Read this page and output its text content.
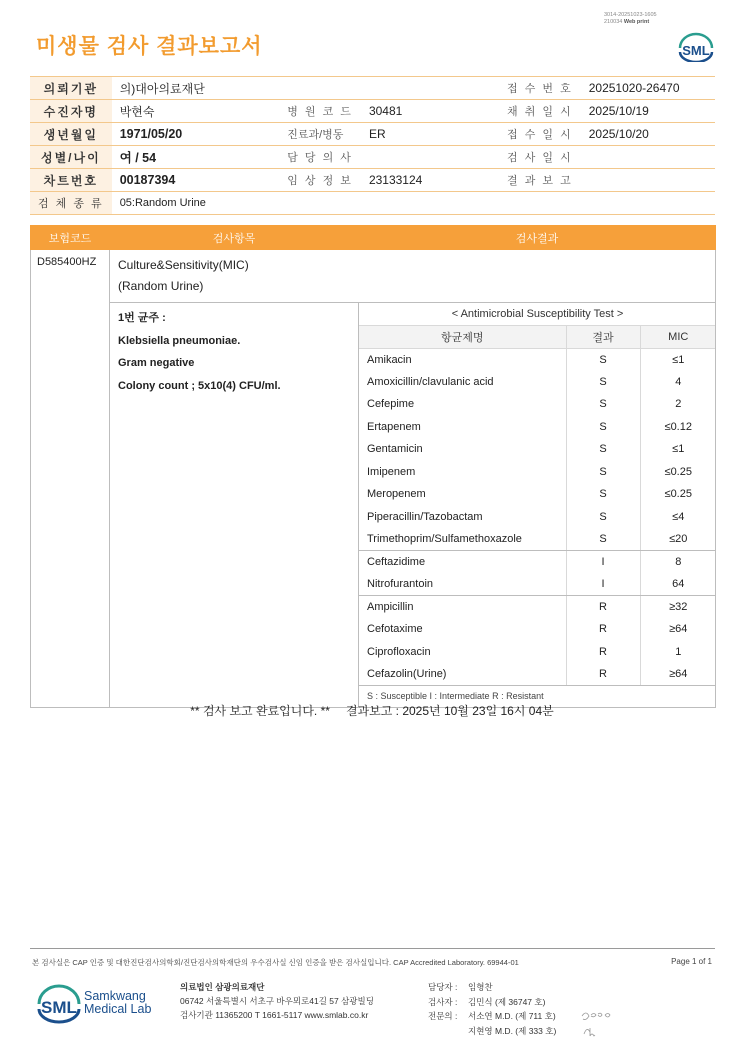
3014-20251023-1605
210034 Web print
SML
미생물 검사 결과보고서
의뢰기관	의)대아의료재단			접 수 번 호	20251020-26470
수진자명	박현숙	병 원 코 드	30481	채 취 일 시	2025/10/19
생년월일	1971/05/20	진료과/병동	ER	접 수 일 시	2025/10/20
성별/나이	여 / 54	담 당 의 사		검 사 일 시	
차트번호	00187394	임 상 정 보	23133124	결 과 보 고	
검 체 종 류	05:Random Urine				
보험코드	검사항목	검사결과
D585400HZ	Culture&Sensitivity(MIC)
(Random Urine)

1번 균주 :
Klebsiella pneumoniae.
Gram negative
Colony count ; 5x10(4) CFU/ml.

< Antimicrobial Susceptibility Test >
항균제명	결과	MIC
Amikacin	S	≤1
Amoxicillin/clavulanic acid	S	4
Cefepime	S	2
Ertapenem	S	≤0.12
Gentamicin	S	≤1
Imipenem	S	≤0.25
Meropenem	S	≤0.25
Piperacillin/Tazobactam	S	≤4
Trimethoprim/Sulfamethoxazole	S	≤20
Ceftazidime	I	8
Nitrofurantoin	I	64
Ampicillin	R	≥32
Cefotaxime	R	≥64
Ciprofloxacin	R	1
Cefazolin(Urine)	R	≥64
S : Susceptible I : Intermediate R : Resistant
** 검사 보고 완료입니다. ** 결과보고 : 2025년 10월 23일 16시 04분
본 검사실은 CAP 인증 및 대한진단검사의학회/진단검사의학재단의 우수검사실 신임 인증을 받은 검사실입니다. CAP Accredited Laboratory. 69944-01	Page 1 of 1
SML
Samkwang
Medical Lab
의료법인 삼광의료재단
06742 서울특별시 서초구 바우뫼로41길 57 삼광빌딩
검사기관 11365200 T 1661-5117 www.smlab.co.kr
담당자 :	임형찬
검사자 :	김민식 (제 36747 호)
전문의 :	서소연 M.D. (제 711 호)
지현영 M.D. (제 333 호)
